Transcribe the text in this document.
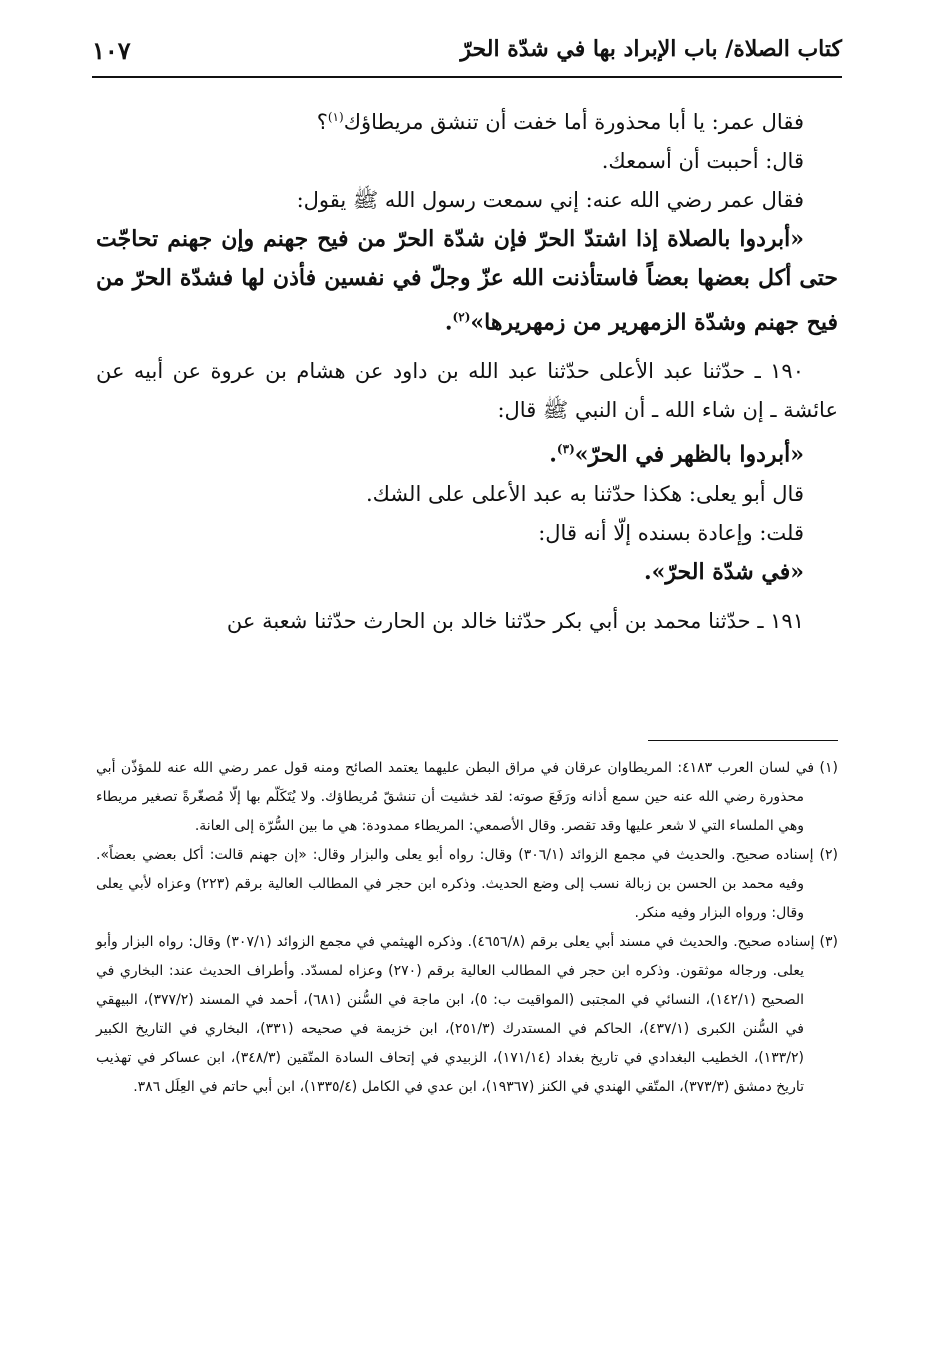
كتاب الصلاة/ باب الإبراد بها في شدّة الحرّ
١٠٧

فقال عمر: يا أبا محذورة أما خفت أن تنشق مريطاؤك$^{(١)}$؟

قال: أحببت أن أسمعك.

فقال عمر رضي الله عنه: إني سمعت رسول الله ﷺ يقول:

«أبردوا بالصلاة إذا اشتدّ الحرّ فإن شدّة الحرّ من فيح جهنم وإن جهنم تحاجّت حتى أكل بعضها بعضاً فاستأذنت الله عزّ وجلّ في نفسين فأذن لها فشدّة الحرّ من فيح جهنم وشدّة الزمهرير من زمهريرها»$^{(٢)}$.

١٩٠ ـ حدّثنا عبد الأعلى حدّثنا عبد الله بن داود عن هشام بن عروة عن أبيه عن عائشة ـ إن شاء الله ـ أن النبي ﷺ قال:

«أبردوا بالظهر في الحرّ»$^{(٣)}$.

قال أبو يعلى: هكذا حدّثنا به عبد الأعلى على الشك.

قلت: وإعادة بسنده إلّا أنه قال:

«في شدّة الحرّ».

١٩١ ـ حدّثنا محمد بن أبي بكر حدّثنا خالد بن الحارث حدّثنا شعبة عن

(١) في لسان العرب ٤١٨٣: المريطاوان عرقان في مراق البطن عليهما يعتمد الصائح ومنه قول عمر رضي الله عنه للمؤذّن أبي محذورة رضي الله عنه حين سمع أذانه ورَفَعَ صوته: لقد خشيت أن تنشقّ مُريطاؤك. ولا يُتَكَلّم بها إلّا مُصغّرةً تصغير مريطاء وهي الملساء التي لا شعر عليها وقد تقصر. وقال الأصمعي: المريطاء ممدودة: هي ما بين السُّرّة إلى العانة.

(٢) إسناده صحيح. والحديث في مجمع الزوائد (٣٠٦/١) وقال: رواه أبو يعلى والبزار وقال: «إن جهنم قالت: أكل بعضي بعضاً». وفيه محمد بن الحسن بن زبالة نسب إلى وضع الحديث. وذكره ابن حجر في المطالب العالية برقم (٢٢٣) وعزاه لأبي يعلى وقال: ورواه البزار وفيه منكر.

(٣) إسناده صحيح. والحديث في مسند أبي يعلى برقم (٤٦٥٦/٨). وذكره الهيثمي في مجمع الزوائد (٣٠٧/١) وقال: رواه البزار وأبو يعلى. ورجاله موثقون. وذكره ابن حجر في المطالب العالية برقم (٢٧٠) وعزاه لمسدّد. وأطراف الحديث عند: البخاري في الصحيح (١٤٢/١)، النسائي في المجتبى (المواقيت ب: ٥)، ابن ماجة في السُّنن (٦٨١)، أحمد في المسند (٣٧٧/٢)، البيهقي في السُّنن الكبرى (٤٣٧/١)، الحاكم في المستدرك (٢٥١/٣)، ابن خزيمة في صحيحه (٣٣١)، البخاري في التاريخ الكبير (١٣٣/٢)، الخطيب البغدادي في تاريخ بغداد (١٧١/١٤)، الزبيدي في إتحاف السادة المتّقين (٣٤٨/٣)، ابن عساكر في تهذيب تاريخ دمشق (٣٧٣/٣)، المتّقي الهندي في الكنز (١٩٣٦٧)، ابن عدي في الكامل (١٣٣٥/٤)، ابن أبي حاتم في العِلَل ٣٨٦.
